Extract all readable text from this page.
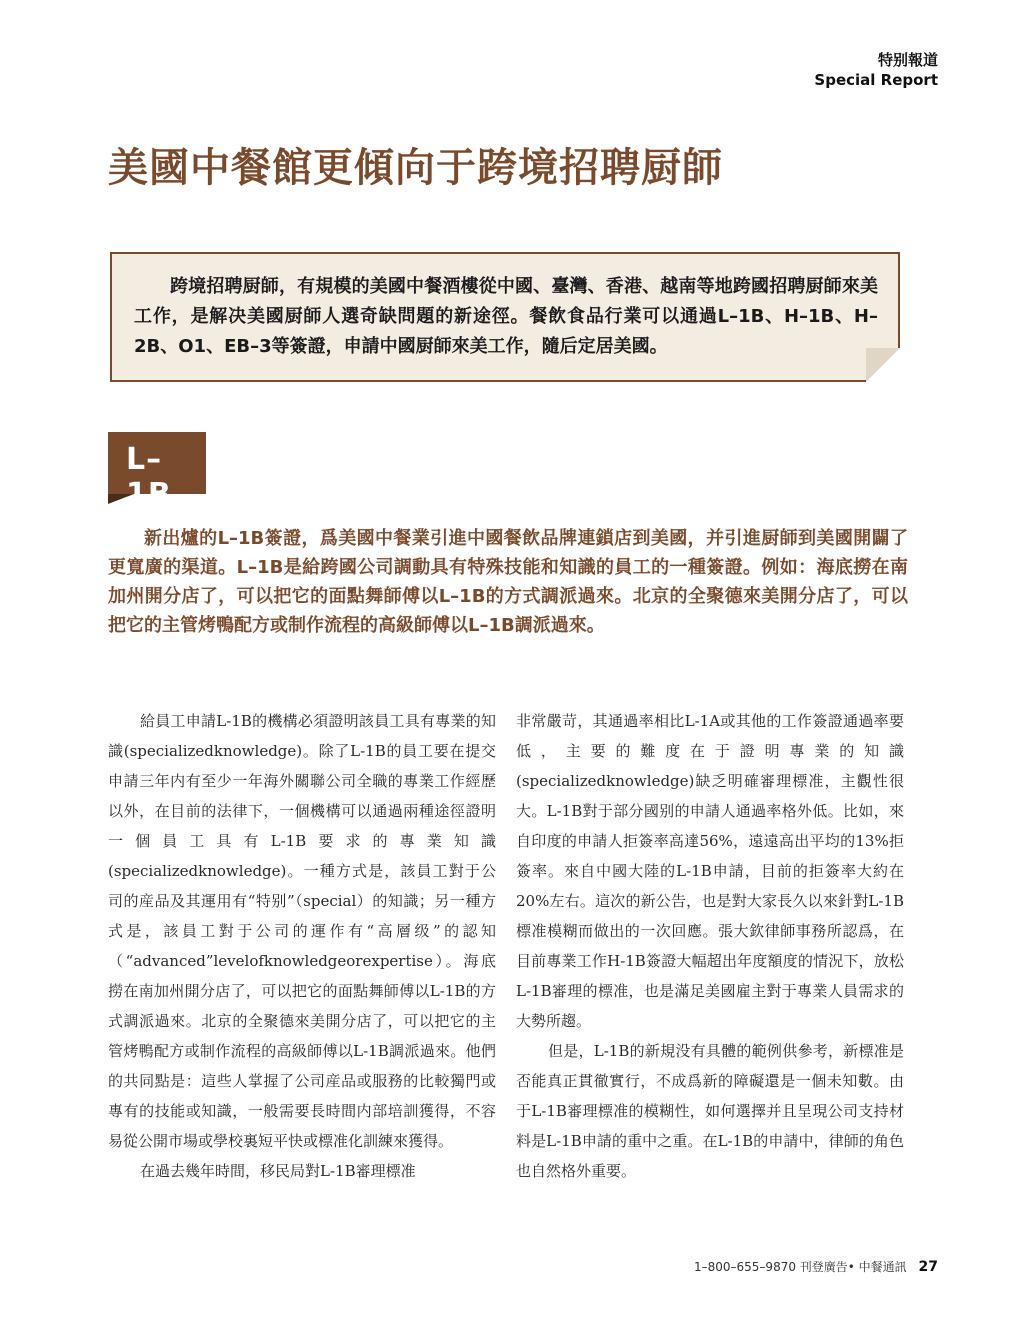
特别報道
Special Report
美國中餐館更傾向于跨境招聘厨師

跨境招聘厨師，有規模的美國中餐酒樓從中國、臺灣、香港、越南等地跨國招聘厨師來美工作，是解决美國厨師人選奇缺問題的新途徑。餐飲食品行業可以通過L–1B、H–1B、H–2B、O1、EB–3等簽證，申請中國厨師來美工作，隨后定居美國。

L–1B

新出爐的L–1B簽證，爲美國中餐業引進中國餐飲品牌連鎖店到美國，并引進厨師到美國開闢了更寬廣的渠道。L–1B是給跨國公司調動具有特殊技能和知識的員工的一種簽證。例如：海底撈在南加州開分店了，可以把它的面點舞師傅以L–1B的方式調派過來。北京的全聚德來美開分店了，可以把它的主管烤鴨配方或制作流程的高級師傅以L–1B調派過來。

給員工申請L-1B的機構必須證明該員工具有專業的知識(specializedknowledge)。除了L-1B的員工要在提交申請三年内有至少一年海外關聯公司全職的專業工作經歷以外，在目前的法律下，一個機構可以通過兩種途徑證明一個員工具有L-1B要求的專業知識(specializedknowledge)。一種方式是，該員工對于公司的産品及其運用有“特别”（special）的知識；另一種方式是，該員工對于公司的運作有“高層级”的認知（“advanced”levelofknowledgeorexpertise）。海底撈在南加州開分店了，可以把它的面點舞師傅以L-1B的方式調派過來。北京的全聚德來美開分店了，可以把它的主管烤鴨配方或制作流程的高級師傅以L-1B調派過來。他們的共同點是：這些人掌握了公司産品或服務的比較獨門或專有的技能或知識，一般需要長時間内部培訓獲得，不容易從公開市場或學校裏短平快或標准化訓練來獲得。

在過去幾年時間，移民局對L-1B審理標准

非常嚴苛，其通過率相比L-1A或其他的工作簽證通過率要低，主要的難度在于證明專業的知識(specializedknowledge)缺乏明確審理標准，主觀性很大。L-1B對于部分國别的申請人通過率格外低。比如，來自印度的申請人拒簽率高達56%，遠遠高出平均的13%拒簽率。來自中國大陸的L-1B申請，目前的拒簽率大約在20%左右。這次的新公告，也是對大家長久以來針對L-1B標准模糊而做出的一次回應。張大欽律師事務所認爲，在目前專業工作H-1B簽證大幅超出年度額度的情況下，放松L-1B審理的標准，也是滿足美國雇主對于專業人員需求的大勢所趨。

但是，L-1B的新規没有具體的範例供參考，新標准是否能真正貫徹實行，不成爲新的障礙還是一個未知數。由于L-1B審理標准的模糊性，如何選擇并且呈現公司支持材料是L-1B申請的重中之重。在L-1B的申請中，律師的角色也自然格外重要。

1–800–655–9870 刊登廣告• 中餐通訊 27
